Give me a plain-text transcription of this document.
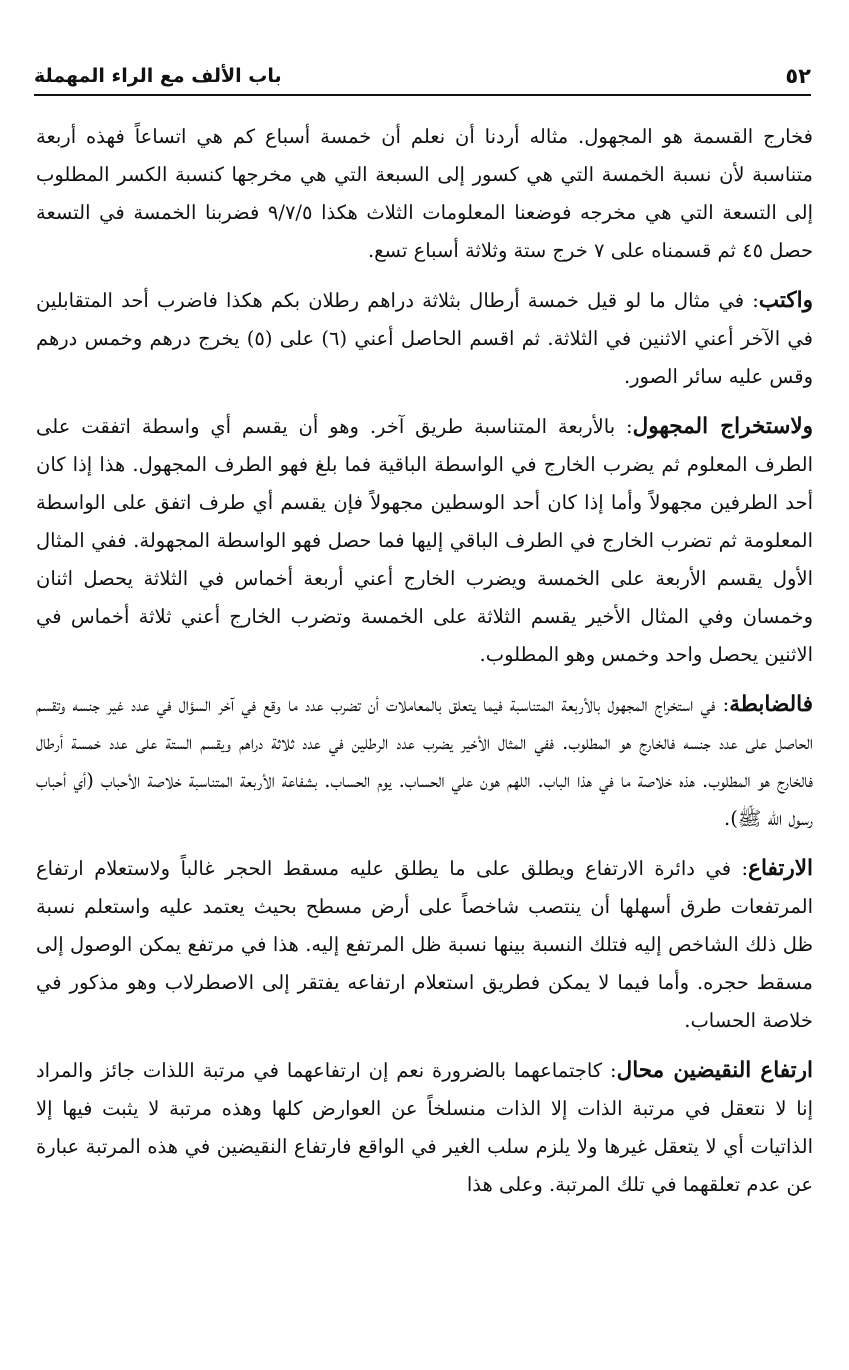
٥٢
باب الألف مع الراء المهملة

فخارج القسمة هو المجهول. مثاله أردنا أن نعلم أن خمسة أسباع كم هي اتساعاً فهذه أربعة متناسبة لأن نسبة الخمسة التي هي كسور إلى السبعة التي هي مخرجها كنسبة الكسر المطلوب إلى التسعة التي هي مخرجه فوضعنا المعلومات الثلاث هكذا ٩/٧/٥ فضربنا الخمسة في التسعة حصل ٤٥ ثم قسمناه على ٧ خرج ستة وثلاثة أسباع تسع.

واكتب: في مثال ما لو قيل خمسة أرطال بثلاثة دراهم رطلان بكم هكذا فاضرب أحد المتقابلين في الآخر أعني الاثنين في الثلاثة. ثم اقسم الحاصل أعني (٦) على (٥) يخرج درهم وخمس درهم وقس عليه سائر الصور.

ولاستخراج المجهول: بالأربعة المتناسبة طريق آخر. وهو أن يقسم أي واسطة اتفقت على الطرف المعلوم ثم يضرب الخارج في الواسطة الباقية فما بلغ فهو الطرف المجهول. هذا إذا كان أحد الطرفين مجهولاً وأما إذا كان أحد الوسطين مجهولاً فإن يقسم أي طرف اتفق على الواسطة المعلومة ثم تضرب الخارج في الطرف الباقي إليها فما حصل فهو الواسطة المجهولة. ففي المثال الأول يقسم الأربعة على الخمسة ويضرب الخارج أعني أربعة أخماس في الثلاثة يحصل اثنان وخمسان وفي المثال الأخير يقسم الثلاثة على الخمسة وتضرب الخارج أعني ثلاثة أخماس في الاثنين يحصل واحد وخمس وهو المطلوب.

فالضابطة: في استخراج المجهول بالأربعة المتناسبة فيما يتعلق بالمعاملات أن تضرب عدد ما وقع في آخر السؤال في عدد غير جنسه وتقسم الحاصل على عدد جنسه فالخارج هو المطلوب. ففي المثال الأخير يضرب عدد الرطلين في عدد ثلاثة دراهم ويقسم الستة على عدد خمسة أرطال فالخارج هو المطلوب. هذه خلاصة ما في هذا الباب. اللهم هون علي الحساب. يوم الحساب. بشفاعة الأربعة المتناسبة خلاصة الأحباب (أي أحباب رسول الله ﷺ).

الارتفاع: في دائرة الارتفاع ويطلق على ما يطلق عليه مسقط الحجر غالباً ولاستعلام ارتفاع المرتفعات طرق أسهلها أن ينتصب شاخصاً على أرض مسطح بحيث يعتمد عليه واستعلم نسبة ظل ذلك الشاخص إليه فتلك النسبة بينها نسبة ظل المرتفع إليه. هذا في مرتفع يمكن الوصول إلى مسقط حجره. وأما فيما لا يمكن فطريق استعلام ارتفاعه يفتقر إلى الاصطرلاب وهو مذكور في خلاصة الحساب.

ارتفاع النقيضين محال: كاجتماعهما بالضرورة نعم إن ارتفاعهما في مرتبة اللذات جائز والمراد إنا لا نتعقل في مرتبة الذات إلا الذات منسلخاً عن العوارض كلها وهذه مرتبة لا يثبت فيها إلا الذاتيات أي لا يتعقل غيرها ولا يلزم سلب الغير في الواقع فارتفاع النقيضين في هذه المرتبة عبارة عن عدم تعلقهما في تلك المرتبة. وعلى هذا
